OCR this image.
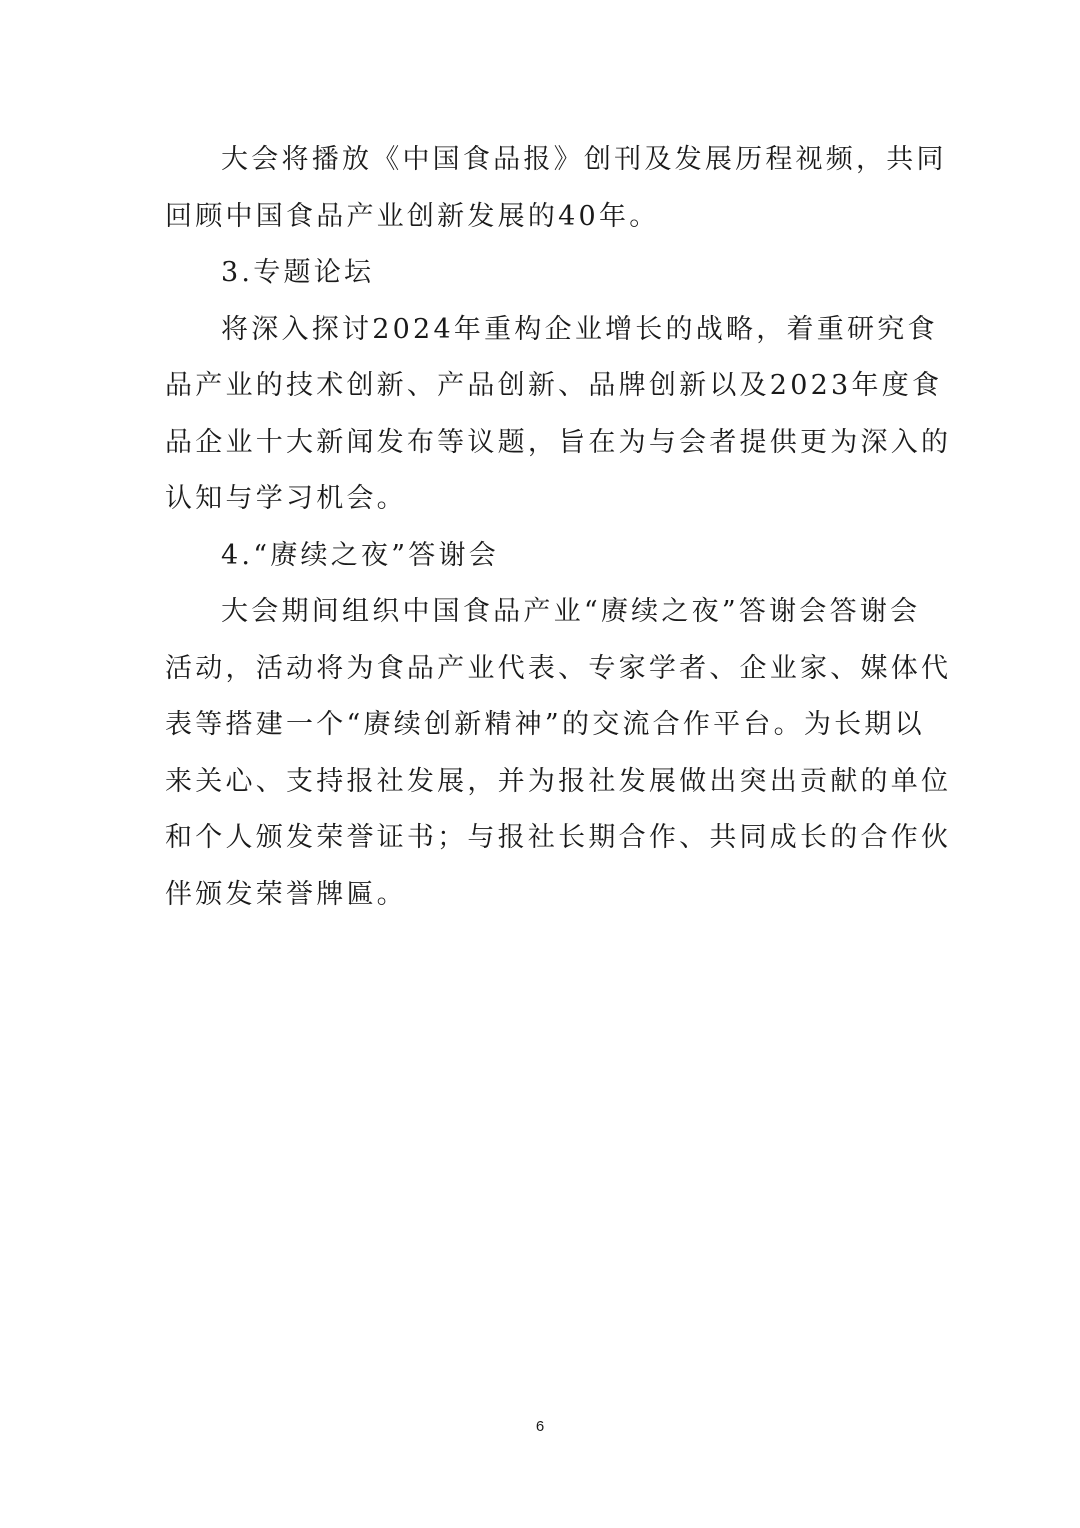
大会将播放《中国食品报》创刊及发展历程视频，共同
回顾中国食品产业创新发展的40年。
3.专题论坛
将深入探讨2024年重构企业增长的战略，着重研究食
品产业的技术创新、产品创新、品牌创新以及2023年度食
品企业十大新闻发布等议题，旨在为与会者提供更为深入的
认知与学习机会。
4.“赓续之夜”答谢会
大会期间组织中国食品产业“赓续之夜”答谢会答谢会
活动，活动将为食品产业代表、专家学者、企业家、媒体代
表等搭建一个“赓续创新精神”的交流合作平台。为长期以
来关心、支持报社发展，并为报社发展做出突出贡献的单位
和个人颁发荣誉证书；与报社长期合作、共同成长的合作伙
伴颁发荣誉牌匾。
6
